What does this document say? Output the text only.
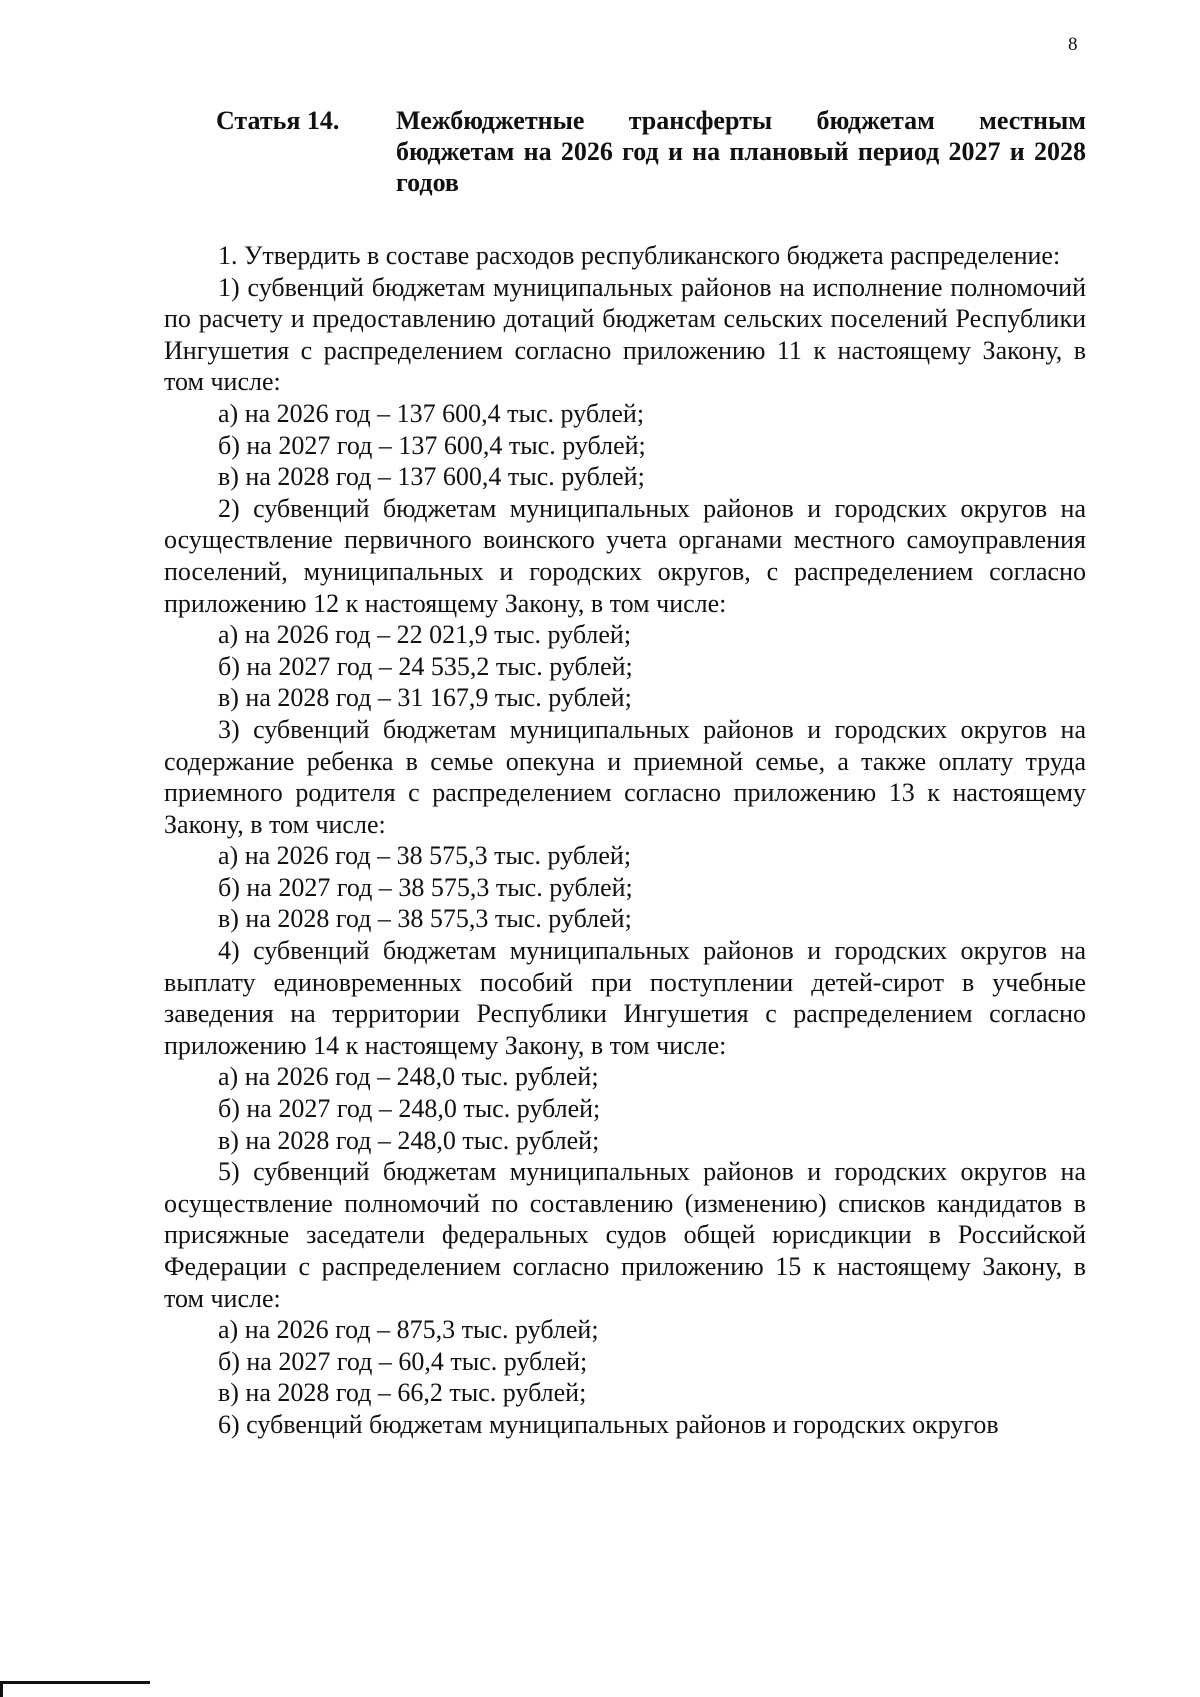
8
Статья 14.	Межбюджетные трансферты бюджетам местным бюджетам на 2026 год и на плановый период 2027 и 2028 годов

1. Утвердить в составе расходов республиканского бюджета распределение:

1) субвенций бюджетам муниципальных районов на исполнение полномочий по расчету и предоставлению дотаций бюджетам сельских поселений Республики Ингушетия с распределением согласно приложению 11 к настоящему Закону, в том числе:

а) на 2026 год – 137 600,4 тыс. рублей;

б) на 2027 год – 137 600,4 тыс. рублей;

в) на 2028 год – 137 600,4 тыс. рублей;

2) субвенций бюджетам муниципальных районов и городских округов на осуществление первичного воинского учета органами местного самоуправления поселений, муниципальных и городских округов, с распределением согласно приложению 12 к настоящему Закону, в том числе:

а) на 2026 год – 22 021,9 тыс. рублей;

б) на 2027 год – 24 535,2 тыс. рублей;

в) на 2028 год – 31 167,9 тыс. рублей;

3) субвенций бюджетам муниципальных районов и городских округов на содержание ребенка в семье опекуна и приемной семье, а также оплату труда приемного родителя с распределением согласно приложению 13 к настоящему Закону, в том числе:

а) на 2026 год – 38 575,3 тыс. рублей;

б) на 2027 год – 38 575,3 тыс. рублей;

в) на 2028 год – 38 575,3 тыс. рублей;

4) субвенций бюджетам муниципальных районов и городских округов на выплату единовременных пособий при поступлении детей-сирот в учебные заведения на территории Республики Ингушетия с распределением согласно приложению 14 к настоящему Закону, в том числе:

а) на 2026 год – 248,0 тыс. рублей;

б) на 2027 год – 248,0 тыс. рублей;

в) на 2028 год – 248,0 тыс. рублей;

5) субвенций бюджетам муниципальных районов и городских округов на осуществление полномочий по составлению (изменению) списков кандидатов в присяжные заседатели федеральных судов общей юрисдикции в Российской Федерации с распределением согласно приложению 15 к настоящему Закону, в том числе:

а) на 2026 год – 875,3 тыс. рублей;

б) на 2027 год – 60,4 тыс. рублей;

в) на 2028 год – 66,2 тыс. рублей;

6) субвенций бюджетам муниципальных районов и городских округов
